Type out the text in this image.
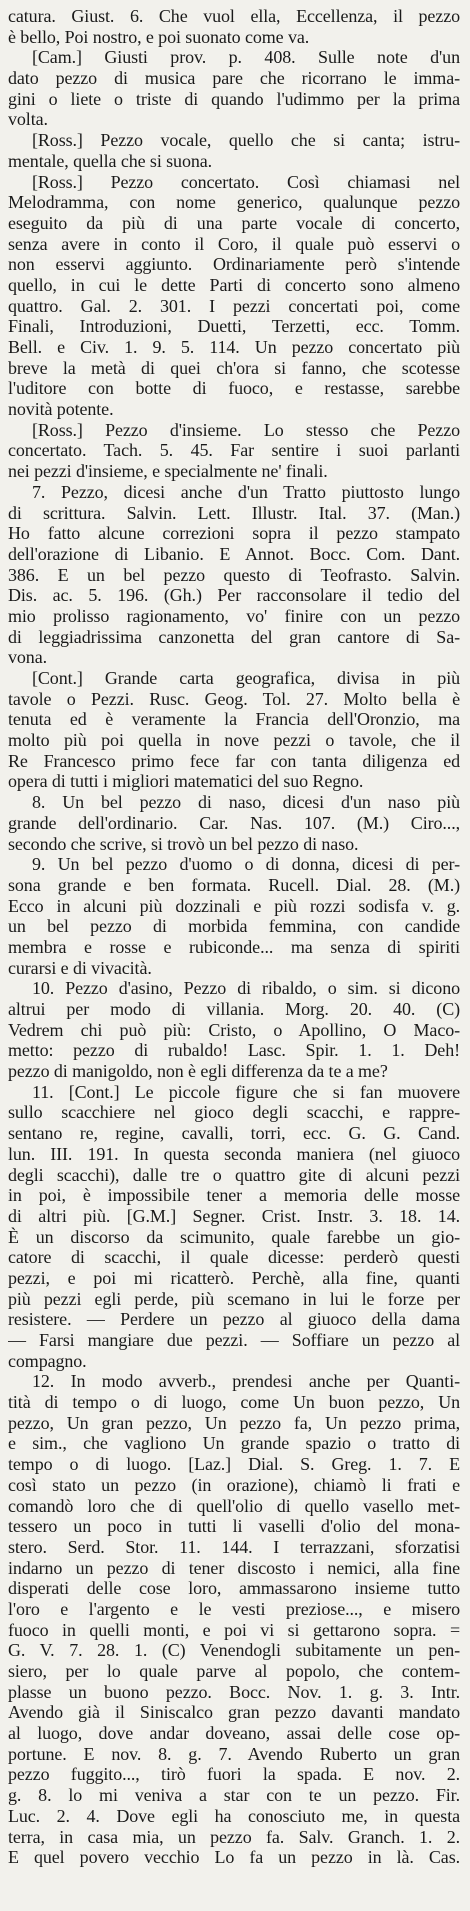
catura. Giust. 6. Che vuol ella, Eccellenza, il pezzo
è bello, Poi nostro, e poi suonato come va.
[Cam.] Giusti prov. p. 408. Sulle note d'un
dato pezzo di musica pare che ricorrano le imma-
gini o liete o triste di quando l'udimmo per la prima
volta.
[Ross.] Pezzo vocale, quello che si canta; istru-
mentale, quella che si suona.
[Ross.] Pezzo concertato. Così chiamasi nel
Melodramma, con nome generico, qualunque pezzo
eseguito da più di una parte vocale di concerto,
senza avere in conto il Coro, il quale può esservi o
non esservi aggiunto. Ordinariamente però s'intende
quello, in cui le dette Parti di concerto sono almeno
quattro. Gal. 2. 301. I pezzi concertati poi, come
Finali, Introduzioni, Duetti, Terzetti, ecc. Tomm.
Bell. e Civ. 1. 9. 5. 114. Un pezzo concertato più
breve la metà di quei ch'ora si fanno, che scotesse
l'uditore con botte di fuoco, e restasse, sarebbe
novità potente.
[Ross.] Pezzo d'insieme. Lo stesso che Pezzo
concertato. Tach. 5. 45. Far sentire i suoi parlanti
nei pezzi d'insieme, e specialmente ne' finali.
7. Pezzo, dicesi anche d'un Tratto piuttosto lungo
di scrittura. Salvin. Lett. Illustr. Ital. 37. (Man.)
Ho fatto alcune correzioni sopra il pezzo stampato
dell'orazione di Libanio. E Annot. Bocc. Com. Dant.
386. E un bel pezzo questo di Teofrasto. Salvin.
Dis. ac. 5. 196. (Gh.) Per racconsolare il tedio del
mio prolisso ragionamento, vo' finire con un pezzo
di leggiadrissima canzonetta del gran cantore di Sa-
vona.
[Cont.] Grande carta geografica, divisa in più
tavole o Pezzi. Rusc. Geog. Tol. 27. Molto bella è
tenuta ed è veramente la Francia dell'Oronzio, ma
molto più poi quella in nove pezzi o tavole, che il
Re Francesco primo fece far con tanta diligenza ed
opera di tutti i migliori matematici del suo Regno.
8. Un bel pezzo di naso, dicesi d'un naso più
grande dell'ordinario. Car. Nas. 107. (M.) Ciro...,
secondo che scrive, si trovò un bel pezzo di naso.
9. Un bel pezzo d'uomo o di donna, dicesi di per-
sona grande e ben formata. Rucell. Dial. 28. (M.)
Ecco in alcuni più dozzinali e più rozzi sodisfa v. g.
un bel pezzo di morbida femmina, con candide
membra e rosse e rubiconde... ma senza di spiriti
curarsi e di vivacità.
10. Pezzo d'asino, Pezzo di ribaldo, o sim. si dicono
altrui per modo di villania. Morg. 20. 40. (C)
Vedrem chi può più: Cristo, o Apollino, O Maco-
metto: pezzo di rubaldo! Lasc. Spir. 1. 1. Deh!
pezzo di manigoldo, non è egli differenza da te a me?
11. [Cont.] Le piccole figure che si fan muovere
sullo scacchiere nel gioco degli scacchi, e rappre-
sentano re, regine, cavalli, torri, ecc. G. G. Cand.
lun. III. 191. In questa seconda maniera (nel giuoco
degli scacchi), dalle tre o quattro gite di alcuni pezzi
in poi, è impossibile tener a memoria delle mosse
di altri più. [G.M.] Segner. Crist. Instr. 3. 18. 14.
È un discorso da scimunito, quale farebbe un gio-
catore di scacchi, il quale dicesse: perderò questi
pezzi, e poi mi ricatterò. Perchè, alla fine, quanti
più pezzi egli perde, più scemano in lui le forze per
resistere. — Perdere un pezzo al giuoco della dama
— Farsi mangiare due pezzi. — Soffiare un pezzo al
compagno.
12. In modo avverb., prendesi anche per Quanti-
tità di tempo o di luogo, come Un buon pezzo, Un
pezzo, Un gran pezzo, Un pezzo fa, Un pezzo prima,
e sim., che vagliono Un grande spazio o tratto di
tempo o di luogo. [Laz.] Dial. S. Greg. 1. 7. E
così stato un pezzo (in orazione), chiamò li frati e
comandò loro che di quell'olio di quello vasello met-
tessero un poco in tutti li vaselli d'olio del mona-
stero. Serd. Stor. 11. 144. I terrazzani, sforzatisi
indarno un pezzo di tener discosto i nemici, alla fine
disperati delle cose loro, ammassarono insieme tutto
l'oro e l'argento e le vesti preziose..., e misero
fuoco in quelli monti, e poi vi si gettarono sopra. =
G. V. 7. 28. 1. (C) Venendogli subitamente un pen-
siero, per lo quale parve al popolo, che contem-
plasse un buono pezzo. Bocc. Nov. 1. g. 3. Intr.
Avendo già il Siniscalco gran pezzo davanti mandato
al luogo, dove andar doveano, assai delle cose op-
portune. E nov. 8. g. 7. Avendo Ruberto un gran
pezzo fuggito..., tirò fuori la spada. E nov. 2.
g. 8. lo mi veniva a star con te un pezzo. Fir.
Luc. 2. 4. Dove egli ha conosciuto me, in questa
terra, in casa mia, un pezzo fa. Salv. Granch. 1. 2.
E quel povero vecchio Lo fa un pezzo in là. Cas.
